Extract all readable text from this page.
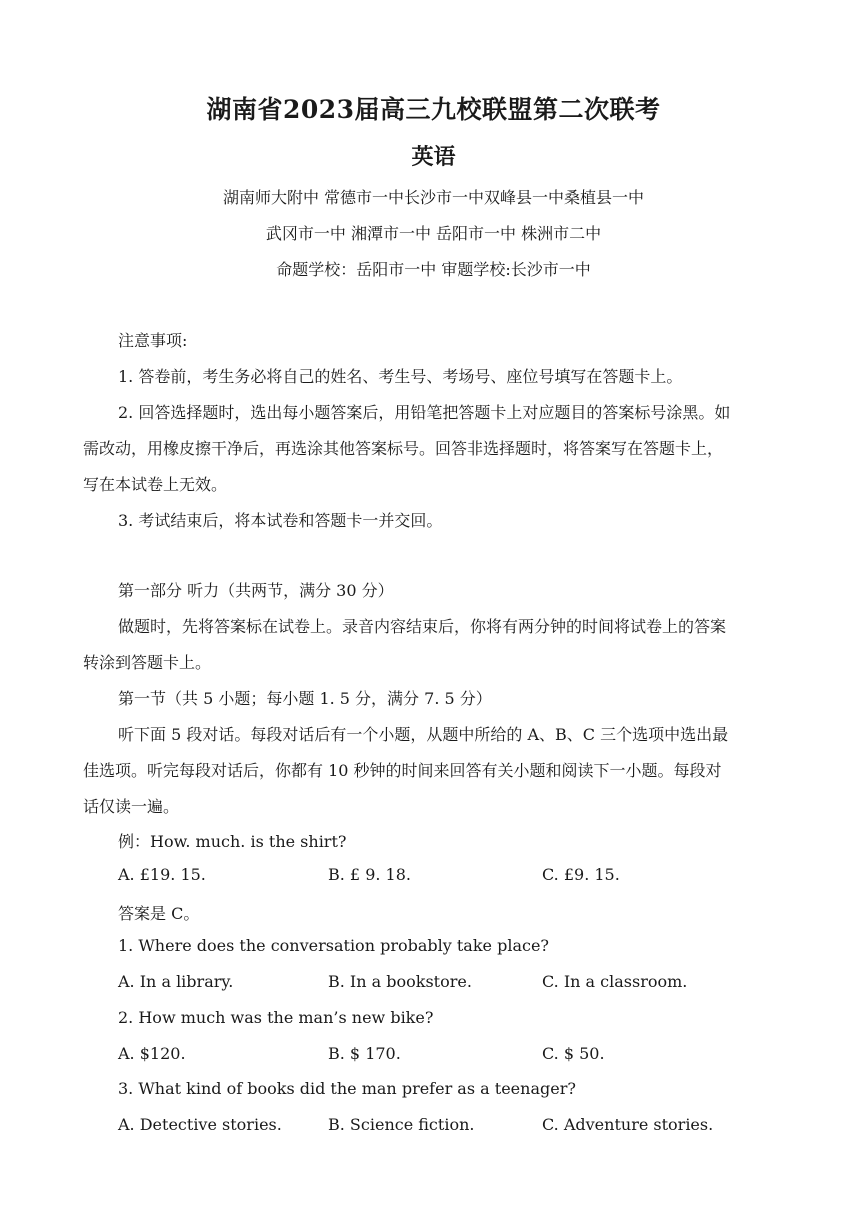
湖南省2023届高三九校联盟第二次联考
英语
湖南师大附中 常德市一中长沙市一中双峰县一中桑植县一中
武冈市一中 湘潭市一中 岳阳市一中 株洲市二中
命题学校：岳阳市一中 审题学校:长沙市一中
注意事项:
1. 答卷前，考生务必将自己的姓名、考生号、考场号、座位号填写在答题卡上。
2. 回答选择题时，选出每小题答案后，用铅笔把答题卡上对应题目的答案标号涂黑。如
需改动，用橡皮擦干净后，再选涂其他答案标号。回答非选择题时，将答案写在答题卡上，
写在本试卷上无效。
3. 考试结束后，将本试卷和答题卡一并交回。
第一部分 听力（共两节，满分 30 分）
做题时，先将答案标在试卷上。录音内容结束后，你将有两分钟的时间将试卷上的答案
转涂到答题卡上。
第一节（共 5 小题；每小题 1. 5 分，满分 7. 5 分）
听下面 5 段对话。每段对话后有一个小题，从题中所给的 A、B、C 三个选项中选出最
佳选项。听完每段对话后，你都有 10 秒钟的时间来回答有关小题和阅读下一小题。每段对
话仅读一遍。
例：How. much. is the shirt?
A. £19. 15.	B. £ 9. 18.	C. £9. 15.
答案是 C。
1. Where does the conversation probably take place?
A. In a library.	B. In a bookstore.	C. In a classroom.
2. How much was the man’s new bike?
A. $120.	B. $ 170.	C. $ 50.
3. What kind of books did the man prefer as a teenager?
A. Detective stories.	B. Science fiction.	C. Adventure stories.
